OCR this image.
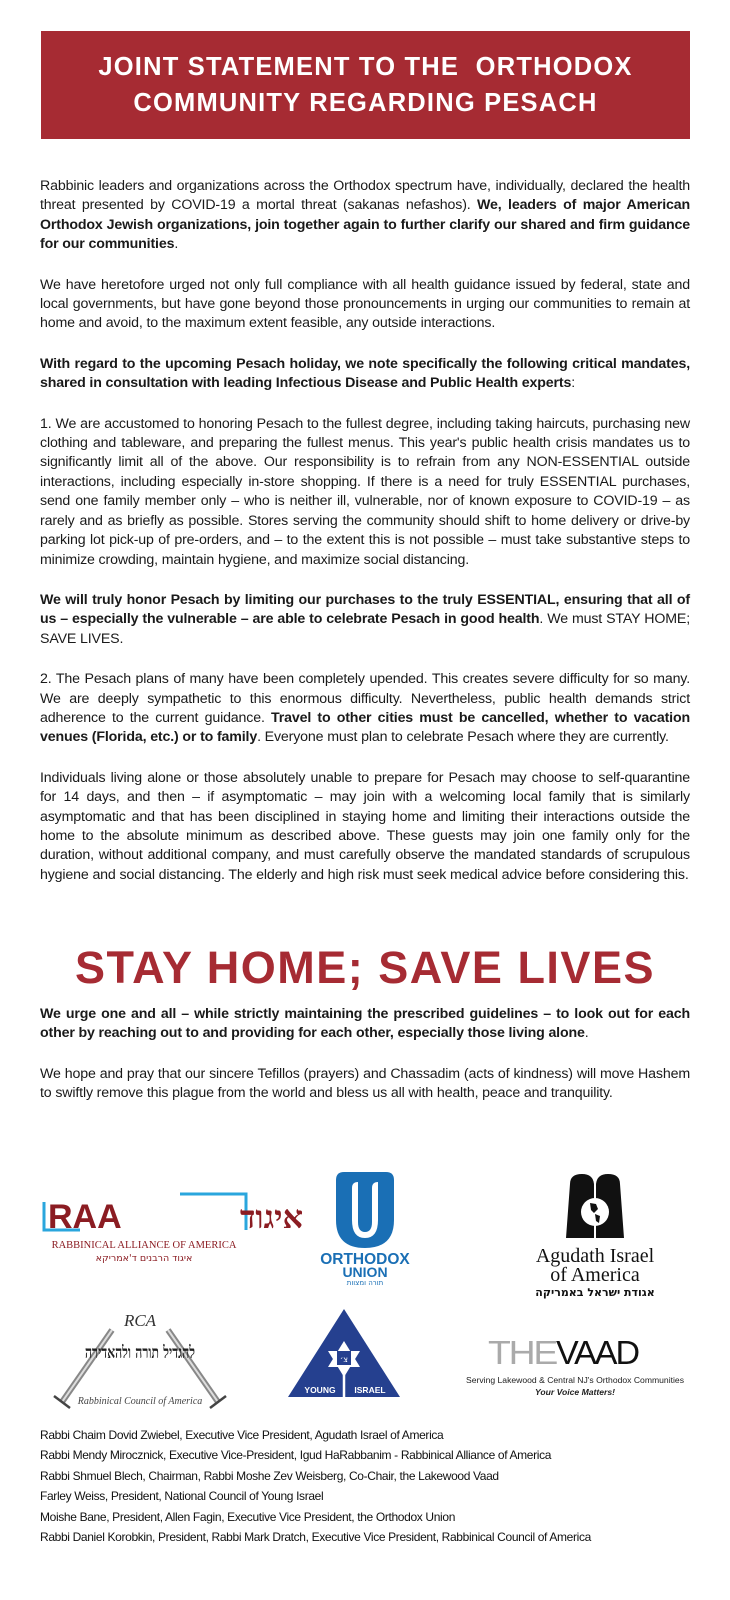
JOINT STATEMENT TO THE  ORTHODOX
COMMUNITY REGARDING PESACH

Rabbinic leaders and organizations across the Orthodox spectrum have, individually, declared the health threat presented by COVID-19 a mortal threat (sakanas nefashos). We, leaders of major American Orthodox Jewish organizations, join together again to further clarify our shared and firm guidance for our communities.

We have heretofore urged not only full compliance with all health guidance issued by federal, state and local governments, but have gone beyond those pronouncements in urging our communities to remain at home and avoid, to the maximum extent feasible, any outside interactions.

With regard to the upcoming Pesach holiday, we note specifically the following critical mandates, shared in consultation with leading Infectious Disease and Public Health experts:

1. We are accustomed to honoring Pesach to the fullest degree, including taking haircuts, purchasing new clothing and tableware, and preparing the fullest menus. This year's public health crisis mandates us to significantly limit all of the above. Our responsibility is to refrain from any NON-ESSENTIAL outside interactions, including especially in-store shopping. If there is a need for truly ESSENTIAL purchases, send one family member only – who is neither ill, vulnerable, nor of known exposure to COVID-19 – as rarely and as briefly as possible. Stores serving the community should shift to home delivery or drive-by parking lot pick-up of pre-orders, and – to the extent this is not possible – must take substantive steps to minimize crowding, maintain hygiene, and maximize social distancing.

We will truly honor Pesach by limiting our purchases to the truly ESSENTIAL, ensuring that all of us – especially the vulnerable – are able to celebrate Pesach in good health. We must STAY HOME; SAVE LIVES.

2. The Pesach plans of many have been completely upended. This creates severe difficulty for so many. We are deeply sympathetic to this enormous difficulty. Nevertheless, public health demands strict adherence to the current guidance. Travel to other cities must be cancelled, whether to vacation venues (Florida, etc.) or to family. Everyone must plan to celebrate Pesach where they are currently.

Individuals living alone or those absolutely unable to prepare for Pesach may choose to self-quarantine for 14 days, and then – if asymptomatic – may join with a welcoming local family that is similarly asymptomatic and that has been disciplined in staying home and limiting their interactions outside the home to the absolute minimum as described above. These guests may join one family only for the duration, without additional company, and must carefully observe the mandated standards of scrupulous hygiene and social distancing. The elderly and high risk must seek medical advice before considering this.

STAY HOME; SAVE LIVES

We urge one and all – while strictly maintaining the prescribed guidelines – to look out for each other by reaching out to and providing for each other, especially those living alone.

We hope and pray that our sincere Tefillos (prayers) and Chassadim (acts of kindness) will move Hashem to swiftly remove this plague from the world and bless us all with health, peace and tranquility.

RAA	איגוד
RABBINICAL ALLIANCE OF AMERICA
איגוד הרבנים ד'אמריקא	ORTHODOX
UNION
תורה ומצוות
Agudath Israel
of America
אגודת ישראל באמריקה
RCA
להגדיל תורה ולהאדירה
Rabbinical Council of America
צ׳
YOUNG ISRAEL
THE
VAAD
Serving Lakewood & Central NJ's Orthodox Communities
Your Voice Matters!
Rabbi Chaim Dovid Zwiebel, Executive Vice President, Agudath Israel of America
Rabbi Mendy Mirocznick, Executive Vice-President, Igud HaRabbanim - Rabbinical Alliance of America
Rabbi Shmuel Blech, Chairman, Rabbi Moshe Zev Weisberg, Co-Chair, the Lakewood Vaad
Farley Weiss, President, National Council of Young Israel
Moishe Bane, President, Allen Fagin, Executive Vice President, the Orthodox Union
Rabbi Daniel Korobkin, President, Rabbi Mark Dratch, Executive Vice President, Rabbinical Council of America
